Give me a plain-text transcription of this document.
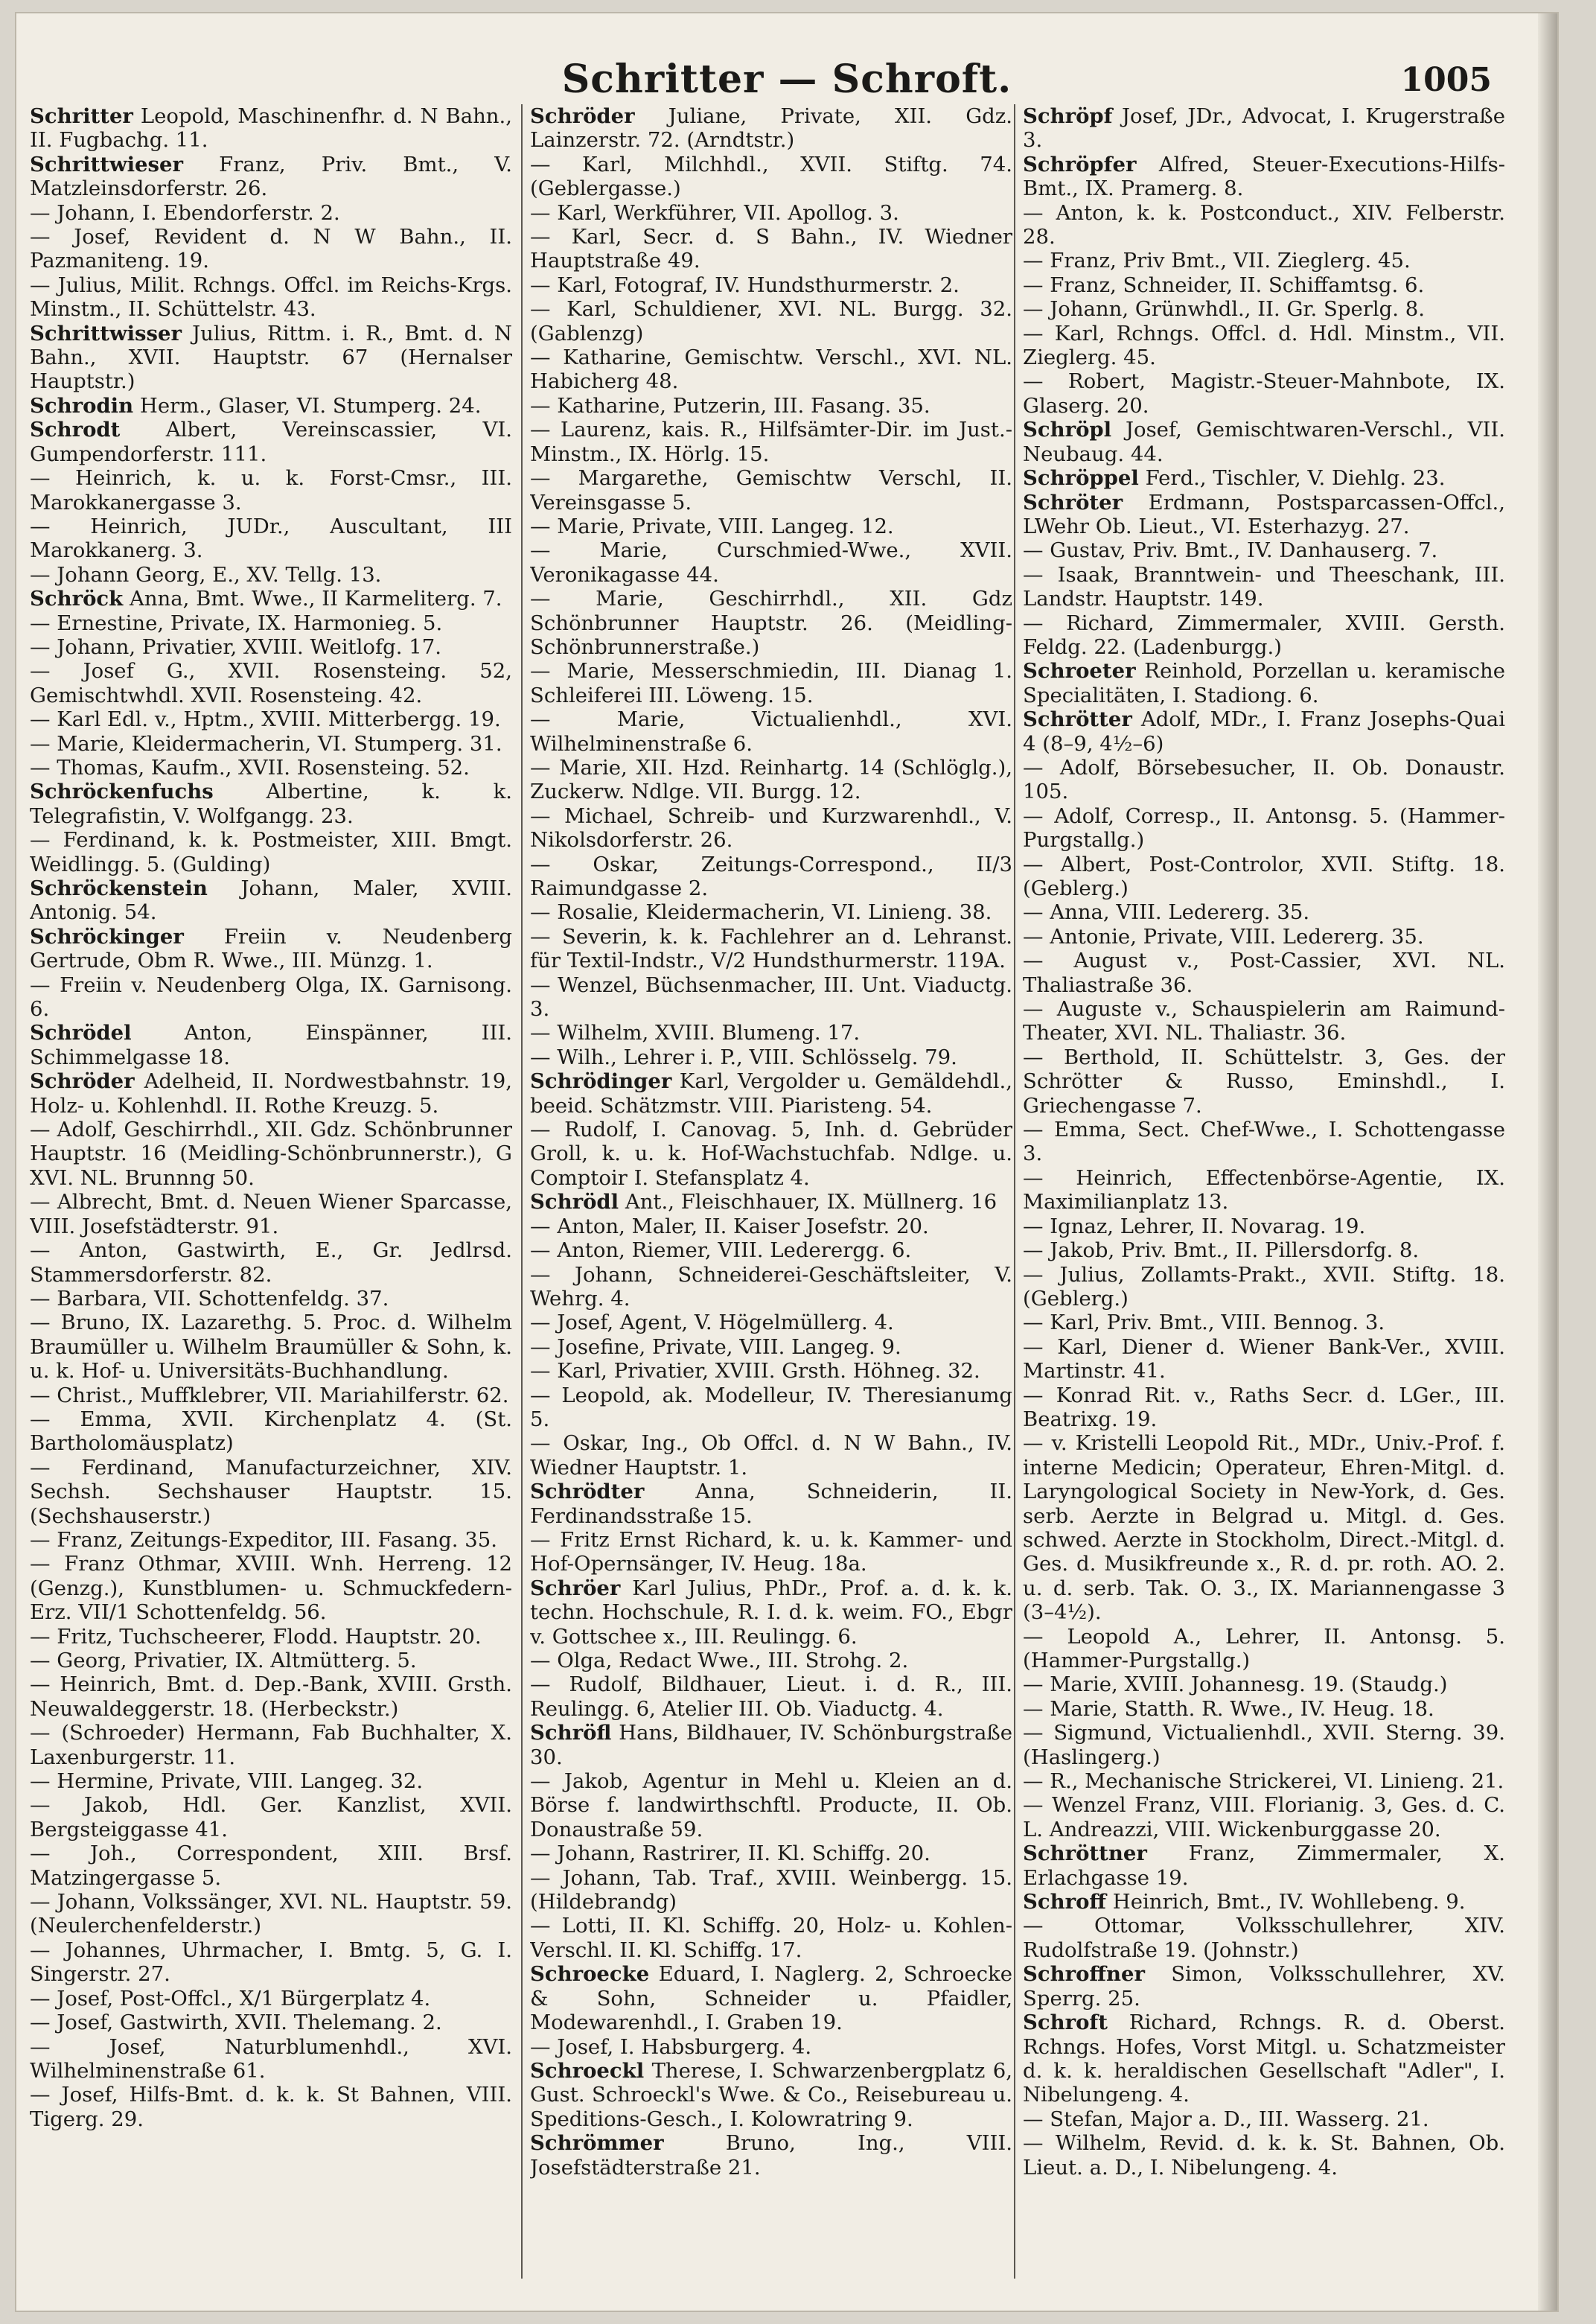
Schritter — Schroft.	1005
Schritter Leopold, Maschinenfhr. d. N Bahn., II. Fugbachg. 11.
Schrittwieser Franz, Priv. Bmt., V. Matzleinsdorferstr. 26.
— Johann, I. Ebendorferstr. 2.
— Josef, Revident d. N W Bahn., II. Pazmaniteng. 19.
— Julius, Milit. Rchngs. Offcl. im Reichs-Krgs. Minstm., II. Schüttelstr. 43.
Schrittwisser Julius, Rittm. i. R., Bmt. d. N Bahn., XVII. Hauptstr. 67 (Hernalser Hauptstr.)
Schrodin Herm., Glaser, VI. Stumperg. 24.
Schrodt Albert, Vereinscassier, VI. Gumpendorferstr. 111.
— Heinrich, k. u. k. Forst-Cmsr., III. Marokkanergasse 3.
— Heinrich, JUDr., Auscultant, III Marokkanerg. 3.
— Johann Georg, E., XV. Tellg. 13.
Schröck Anna, Bmt. Wwe., II Karmeliterg. 7.
— Ernestine, Private, IX. Harmonieg. 5.
— Johann, Privatier, XVIII. Weitlofg. 17.
— Josef G., XVII. Rosensteing. 52, Gemischtwhdl. XVII. Rosensteing. 42.
— Karl Edl. v., Hptm., XVIII. Mitterbergg. 19.
— Marie, Kleidermacherin, VI. Stumperg. 31.
— Thomas, Kaufm., XVII. Rosensteing. 52.
Schröckenfuchs Albertine, k. k. Telegrafistin, V. Wolfgangg. 23.
— Ferdinand, k. k. Postmeister, XIII. Bmgt. Weidlingg. 5. (Gulding)
Schröckenstein Johann, Maler, XVIII. Antonig. 54.
Schröckinger Freiin v. Neudenberg Gertrude, Obm R. Wwe., III. Münzg. 1.
— Freiin v. Neudenberg Olga, IX. Garnisong. 6.
Schrödel Anton, Einspänner, III. Schimmelgasse 18.
Schröder Adelheid, II. Nordwestbahnstr. 19, Holz- u. Kohlenhdl. II. Rothe Kreuzg. 5.
— Adolf, Geschirrhdl., XII. Gdz. Schönbrunner Hauptstr. 16 (Meidling-Schönbrunnerstr.), G XVI. NL. Brunnng 50.
— Albrecht, Bmt. d. Neuen Wiener Sparcasse, VIII. Josefstädterstr. 91.
— Anton, Gastwirth, E., Gr. Jedlrsd. Stammersdorferstr. 82.
— Barbara, VII. Schottenfeldg. 37.
— Bruno, IX. Lazarethg. 5. Proc. d. Wilhelm Braumüller u. Wilhelm Braumüller & Sohn, k. u. k. Hof- u. Universitäts-Buchhandlung.
— Christ., Muffklebrer, VII. Mariahilferstr. 62.
— Emma, XVII. Kirchenplatz 4. (St. Bartholomäusplatz)
— Ferdinand, Manufacturzeichner, XIV. Sechsh. Sechshauser Hauptstr. 15. (Sechshauserstr.)
— Franz, Zeitungs-Expeditor, III. Fasang. 35.
— Franz Othmar, XVIII. Wnh. Herreng. 12 (Genzg.), Kunstblumen- u. Schmuckfedern-Erz. VII/1 Schottenfeldg. 56.
— Fritz, Tuchscheerer, Flodd. Hauptstr. 20.
— Georg, Privatier, IX. Altmütterg. 5.
— Heinrich, Bmt. d. Dep.-Bank, XVIII. Grsth. Neuwaldeggerstr. 18. (Herbeckstr.)
— (Schroeder) Hermann, Fab Buchhalter, X. Laxenburgerstr. 11.
— Hermine, Private, VIII. Langeg. 32.
— Jakob, Hdl. Ger. Kanzlist, XVII. Bergsteiggasse 41.
— Joh., Correspondent, XIII. Brsf. Matzingergasse 5.
— Johann, Volkssänger, XVI. NL. Hauptstr. 59. (Neulerchenfelderstr.)
— Johannes, Uhrmacher, I. Bmtg. 5, G. I. Singerstr. 27.
— Josef, Post-Offcl., X/1 Bürgerplatz 4.
— Josef, Gastwirth, XVII. Thelemang. 2.
— Josef, Naturblumenhdl., XVI. Wilhelminenstraße 61.
— Josef, Hilfs-Bmt. d. k. k. St Bahnen, VIII. Tigerg. 29.
Schröder Juliane, Private, XII. Gdz. Lainzerstr. 72. (Arndtstr.)
— Karl, Milchhdl., XVII. Stiftg. 74. (Geblergasse.)
— Karl, Werkführer, VII. Apollog. 3.
— Karl, Secr. d. S Bahn., IV. Wiedner Hauptstraße 49.
— Karl, Fotograf, IV. Hundsthurmerstr. 2.
— Karl, Schuldiener, XVI. NL. Burgg. 32. (Gablenzg)
— Katharine, Gemischtw. Verschl., XVI. NL. Habicherg 48.
— Katharine, Putzerin, III. Fasang. 35.
— Laurenz, kais. R., Hilfsämter-Dir. im Just.-Minstm., IX. Hörlg. 15.
— Margarethe, Gemischtw Verschl, II. Vereinsgasse 5.
— Marie, Private, VIII. Langeg. 12.
— Marie, Curschmied-Wwe., XVII. Veronikagasse 44.
— Marie, Geschirrhdl., XII. Gdz Schönbrunner Hauptstr. 26. (Meidling-Schönbrunnerstraße.)
— Marie, Messerschmiedin, III. Dianag 1. Schleiferei III. Löweng. 15.
— Marie, Victualienhdl., XVI. Wilhelminenstraße 6.
— Marie, XII. Hzd. Reinhartg. 14 (Schlöglg.), Zuckerw. Ndlge. VII. Burgg. 12.
— Michael, Schreib- und Kurzwarenhdl., V. Nikolsdorferstr. 26.
— Oskar, Zeitungs-Correspond., II/3 Raimundgasse 2.
— Rosalie, Kleidermacherin, VI. Linieng. 38.
— Severin, k. k. Fachlehrer an d. Lehranst. für Textil-Indstr., V/2 Hundsthurmerstr. 119A.
— Wenzel, Büchsenmacher, III. Unt. Viaductg. 3.
— Wilhelm, XVIII. Blumeng. 17.
— Wilh., Lehrer i. P., VIII. Schlösselg. 79.
Schrödinger Karl, Vergolder u. Gemäldehdl., beeid. Schätzmstr. VIII. Piaristeng. 54.
— Rudolf, I. Canovag. 5, Inh. d. Gebrüder Groll, k. u. k. Hof-Wachstuchfab. Ndlge. u. Comptoir I. Stefansplatz 4.
Schrödl Ant., Fleischhauer, IX. Müllnerg. 16
— Anton, Maler, II. Kaiser Josefstr. 20.
— Anton, Riemer, VIII. Lederergg. 6.
— Johann, Schneiderei-Geschäftsleiter, V. Wehrg. 4.
— Josef, Agent, V. Högelmüllerg. 4.
— Josefine, Private, VIII. Langeg. 9.
— Karl, Privatier, XVIII. Grsth. Höhneg. 32.
— Leopold, ak. Modelleur, IV. Theresianumg 5.
— Oskar, Ing., Ob Offcl. d. N W Bahn., IV. Wiedner Hauptstr. 1.
Schrödter Anna, Schneiderin, II. Ferdinandsstraße 15.
— Fritz Ernst Richard, k. u. k. Kammer- und Hof-Opernsänger, IV. Heug. 18a.
Schröer Karl Julius, PhDr., Prof. a. d. k. k. techn. Hochschule, R. I. d. k. weim. FO., Ebgr v. Gottschee x., III. Reulingg. 6.
— Olga, Redact Wwe., III. Strohg. 2.
— Rudolf, Bildhauer, Lieut. i. d. R., III. Reulingg. 6, Atelier III. Ob. Viaductg. 4.
Schröfl Hans, Bildhauer, IV. Schönburgstraße 30.
— Jakob, Agentur in Mehl u. Kleien an d. Börse f. landwirthschftl. Producte, II. Ob. Donaustraße 59.
— Johann, Rastrirer, II. Kl. Schiffg. 20.
— Johann, Tab. Traf., XVIII. Weinbergg. 15. (Hildebrandg)
— Lotti, II. Kl. Schiffg. 20, Holz- u. Kohlen-Verschl. II. Kl. Schiffg. 17.
Schroecke Eduard, I. Naglerg. 2, Schroecke & Sohn, Schneider u. Pfaidler, Modewarenhdl., I. Graben 19.
— Josef, I. Habsburgerg. 4.
Schroeckl Therese, I. Schwarzenbergplatz 6, Gust. Schroeckl's Wwe. & Co., Reisebureau u. Speditions-Gesch., I. Kolowratring 9.
Schrömmer Bruno, Ing., VIII. Josefstädterstraße 21.
Schröpf Josef, JDr., Advocat, I. Krugerstraße 3.
Schröpfer Alfred, Steuer-Executions-Hilfs-Bmt., IX. Pramerg. 8.
— Anton, k. k. Postconduct., XIV. Felberstr. 28.
— Franz, Priv Bmt., VII. Zieglerg. 45.
— Franz, Schneider, II. Schiffamtsg. 6.
— Johann, Grünwhdl., II. Gr. Sperlg. 8.
— Karl, Rchngs. Offcl. d. Hdl. Minstm., VII. Zieglerg. 45.
— Robert, Magistr.-Steuer-Mahnbote, IX. Glaserg. 20.
Schröpl Josef, Gemischtwaren-Verschl., VII. Neubaug. 44.
Schröppel Ferd., Tischler, V. Diehlg. 23.
Schröter Erdmann, Postsparcassen-Offcl., LWehr Ob. Lieut., VI. Esterhazyg. 27.
— Gustav, Priv. Bmt., IV. Danhauserg. 7.
— Isaak, Branntwein- und Theeschank, III. Landstr. Hauptstr. 149.
— Richard, Zimmermaler, XVIII. Gersth. Feldg. 22. (Ladenburgg.)
Schroeter Reinhold, Porzellan u. keramische Specialitäten, I. Stadiong. 6.
Schrötter Adolf, MDr., I. Franz Josephs-Quai 4 (8–9, 4½–6)
— Adolf, Börsebesucher, II. Ob. Donaustr. 105.
— Adolf, Corresp., II. Antonsg. 5. (Hammer-Purgstallg.)
— Albert, Post-Controlor, XVII. Stiftg. 18. (Geblerg.)
— Anna, VIII. Ledererg. 35.
— Antonie, Private, VIII. Ledererg. 35.
— August v., Post-Cassier, XVI. NL. Thaliastraße 36.
— Auguste v., Schauspielerin am Raimund-Theater, XVI. NL. Thaliastr. 36.
— Berthold, II. Schüttelstr. 3, Ges. der Schrötter & Russo, Eminshdl., I. Griechengasse 7.
— Emma, Sect. Chef-Wwe., I. Schottengasse 3.
— Heinrich, Effectenbörse-Agentie, IX. Maximilianplatz 13.
— Ignaz, Lehrer, II. Novarag. 19.
— Jakob, Priv. Bmt., II. Pillersdorfg. 8.
— Julius, Zollamts-Prakt., XVII. Stiftg. 18. (Geblerg.)
— Karl, Priv. Bmt., VIII. Bennog. 3.
— Karl, Diener d. Wiener Bank-Ver., XVIII. Martinstr. 41.
— Konrad Rit. v., Raths Secr. d. LGer., III. Beatrixg. 19.
— v. Kristelli Leopold Rit., MDr., Univ.-Prof. f. interne Medicin; Operateur, Ehren-Mitgl. d. Laryngological Society in New-York, d. Ges. serb. Aerzte in Belgrad u. Mitgl. d. Ges. schwed. Aerzte in Stockholm, Direct.-Mitgl. d. Ges. d. Musikfreunde x., R. d. pr. roth. AO. 2. u. d. serb. Tak. O. 3., IX. Mariannengasse 3 (3–4½).
— Leopold A., Lehrer, II. Antonsg. 5. (Hammer-Purgstallg.)
— Marie, XVIII. Johannesg. 19. (Staudg.)
— Marie, Statth. R. Wwe., IV. Heug. 18.
— Sigmund, Victualienhdl., XVII. Sterng. 39. (Haslingerg.)
— R., Mechanische Strickerei, VI. Linieng. 21.
— Wenzel Franz, VIII. Florianig. 3, Ges. d. C. L. Andreazzi, VIII. Wickenburggasse 20.
Schröttner Franz, Zimmermaler, X. Erlachgasse 19.
Schroff Heinrich, Bmt., IV. Wohllebeng. 9.
— Ottomar, Volksschullehrer, XIV. Rudolfstraße 19. (Johnstr.)
Schroffner Simon, Volksschullehrer, XV. Sperrg. 25.
Schroft Richard, Rchngs. R. d. Oberst. Rchngs. Hofes, Vorst Mitgl. u. Schatzmeister d. k. k. heraldischen Gesellschaft "Adler", I. Nibelungeng. 4.
— Stefan, Major a. D., III. Wasserg. 21.
— Wilhelm, Revid. d. k. k. St. Bahnen, Ob. Lieut. a. D., I. Nibelungeng. 4.
